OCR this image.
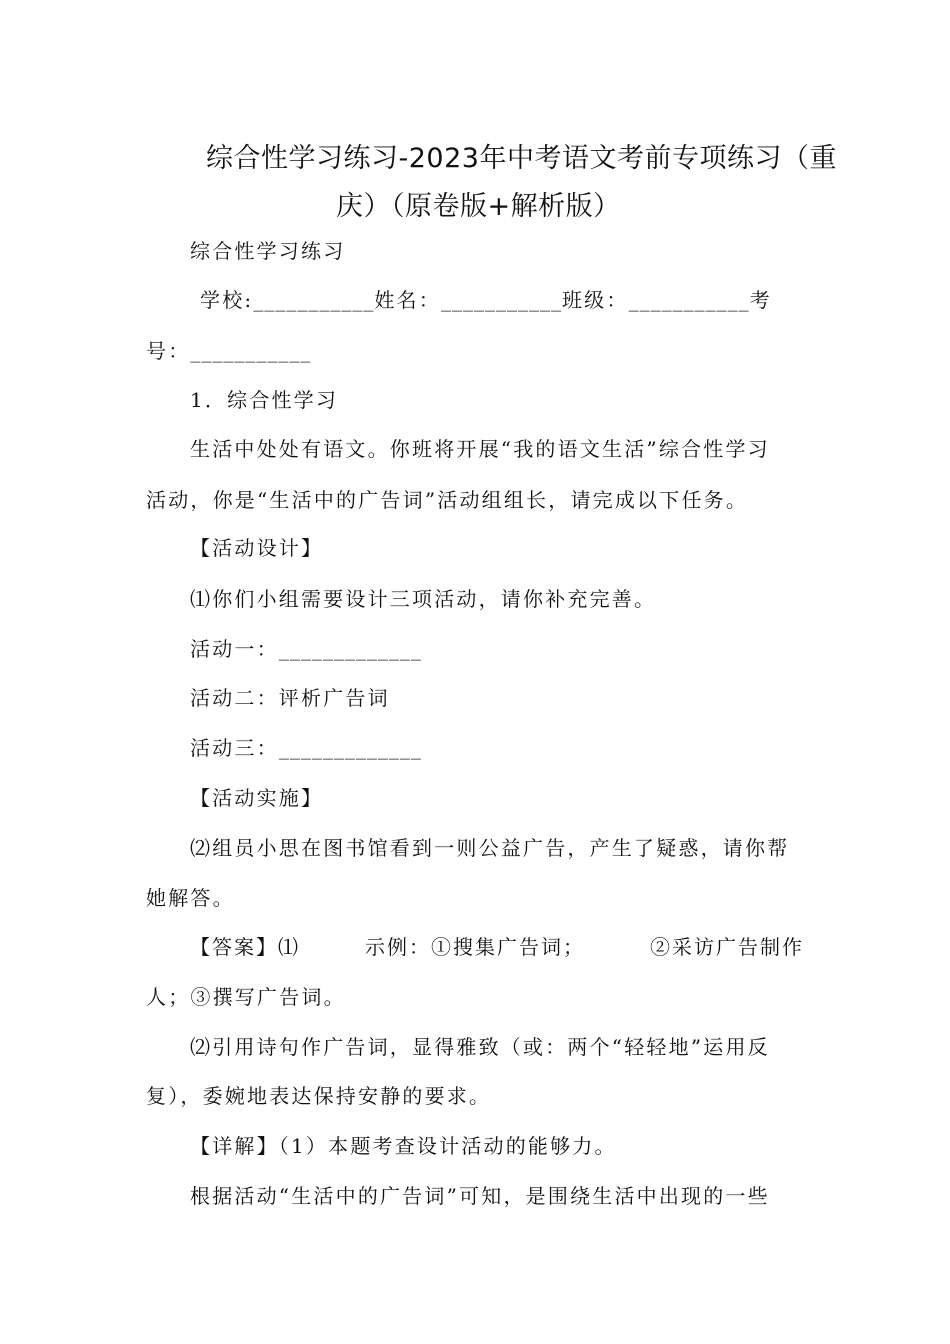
综合性学习练习-2023年中考语文考前专项练习（重
庆）（原卷版+解析版）
综合性学习练习
学校:___________姓名：___________班级：___________考
号：___________
1．综合性学习
生活中处处有语文。你班将开展“我的语文生活”综合性学习
活动，你是“生活中的广告词”活动组组长，请完成以下任务。
【活动设计】
⑴你们小组需要设计三项活动，请你补充完善。
活动一：_____________
活动二：评析广告词
活动三：_____________
【活动实施】
⑵组员小思在图书馆看到一则公益广告，产生了疑惑，请你帮
她解答。
【答案】⑴	示例：①搜集广告词；	②采访广告制作
人；③撰写广告词。
⑵引用诗句作广告词，显得雅致（或：两个“轻轻地”运用反
复），委婉地表达保持安静的要求。
【详解】（1）本题考查设计活动的能够力。
根据活动“生活中的广告词”可知，是围绕生活中出现的一些
